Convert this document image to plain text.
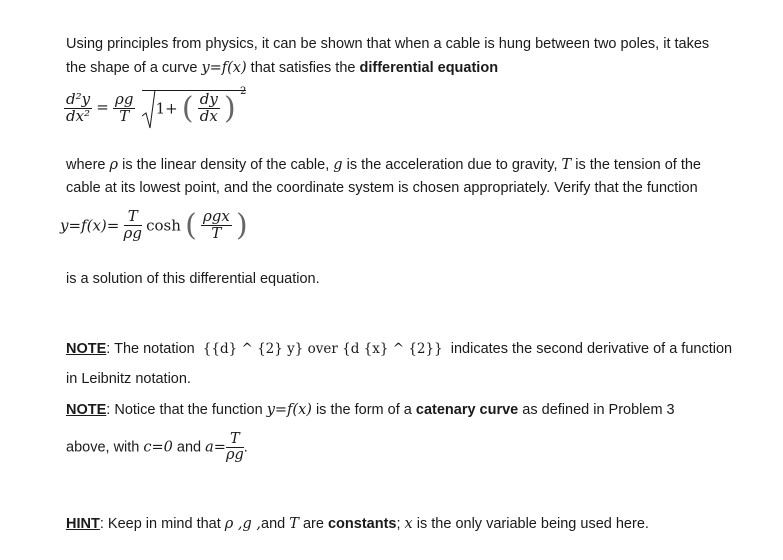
Using principles from physics, it can be shown that when a cable is hung between two poles, it takes
the shape of a curve y=f(x) that satisfies the differential equation
$\frac{\text{d²y}}{\text{dx²}} = \frac{\rho g}{T}$
1+ ( $\frac{dy}{dx}$ ) $^2$
where ρ is the linear density of the cable, g is the acceleration due to gravity, T is the tension of the
cable at its lowest point, and the coordinate system is chosen appropriately. Verify that the function
$y=f(x)= \frac{T}{\rho g}$ cosh ( $\frac{\text{ρgx}}{T}$ )
is a solution of this differential equation.
NOTE: The notation {{d} ^ {2} y} over {d {x} ^ {2}} indicates the second derivative of a function
in Leibnitz notation.
NOTE: Notice that the function y=f(x) is the form of a catenary curve as defined in Problem 3
above, with c=0 and $a= \frac{T}{\rho g}$ .
HINT: Keep in mind that ρ ,g ,and T are constants; x is the only variable being used here.
